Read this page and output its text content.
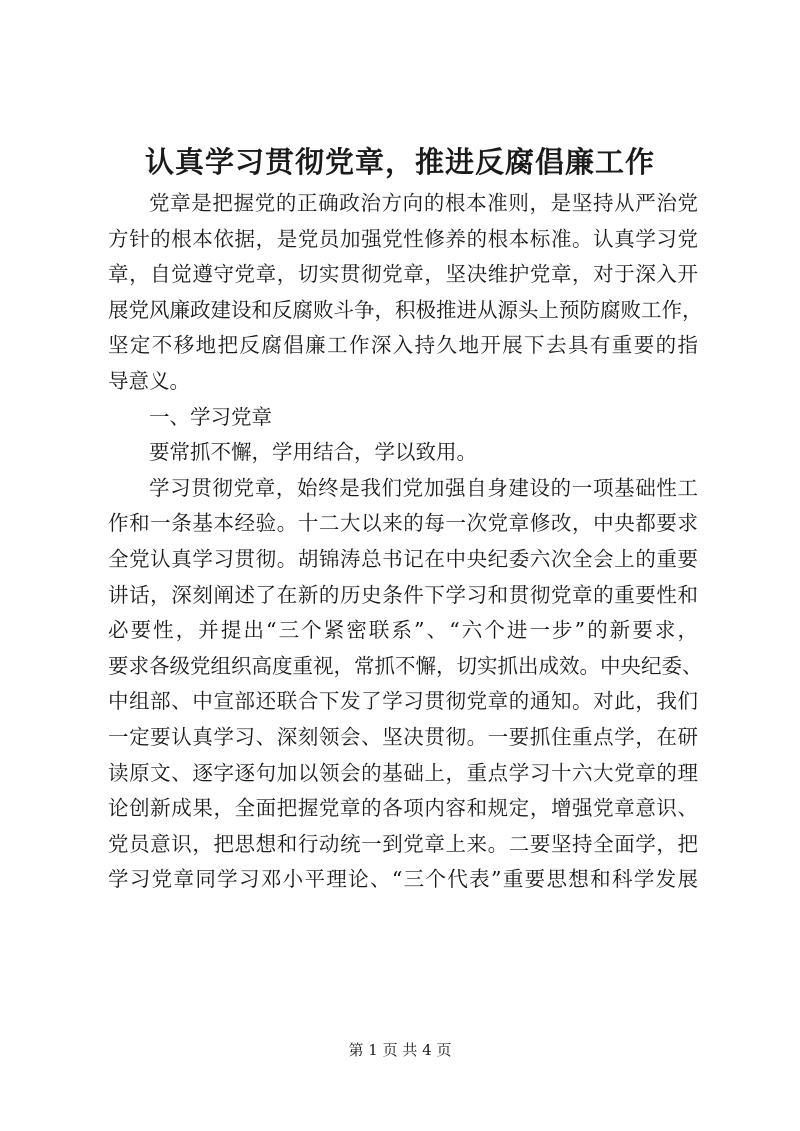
认真学习贯彻党章，推进反腐倡廉工作
党章是把握党的正确政治方向的根本准则，是坚持从严治党
方针的根本依据，是党员加强党性修养的根本标准。认真学习党
章，自觉遵守党章，切实贯彻党章，坚决维护党章，对于深入开
展党风廉政建设和反腐败斗争，积极推进从源头上预防腐败工作，
坚定不移地把反腐倡廉工作深入持久地开展下去具有重要的指
导意义。
一、学习党章
要常抓不懈，学用结合，学以致用。
学习贯彻党章，始终是我们党加强自身建设的一项基础性工
作和一条基本经验。十二大以来的每一次党章修改，中央都要求
全党认真学习贯彻。胡锦涛总书记在中央纪委六次全会上的重要
讲话，深刻阐述了在新的历史条件下学习和贯彻党章的重要性和
必要性，并提出“三个紧密联系”、“六个进一步”的新要求，
要求各级党组织高度重视，常抓不懈，切实抓出成效。中央纪委、
中组部、中宣部还联合下发了学习贯彻党章的通知。对此，我们
一定要认真学习、深刻领会、坚决贯彻。一要抓住重点学，在研
读原文、逐字逐句加以领会的基础上，重点学习十六大党章的理
论创新成果，全面把握党章的各项内容和规定，增强党章意识、
党员意识，把思想和行动统一到党章上来。二要坚持全面学，把
学习党章同学习邓小平理论、“三个代表”重要思想和科学发展
第 1 页 共 4 页
